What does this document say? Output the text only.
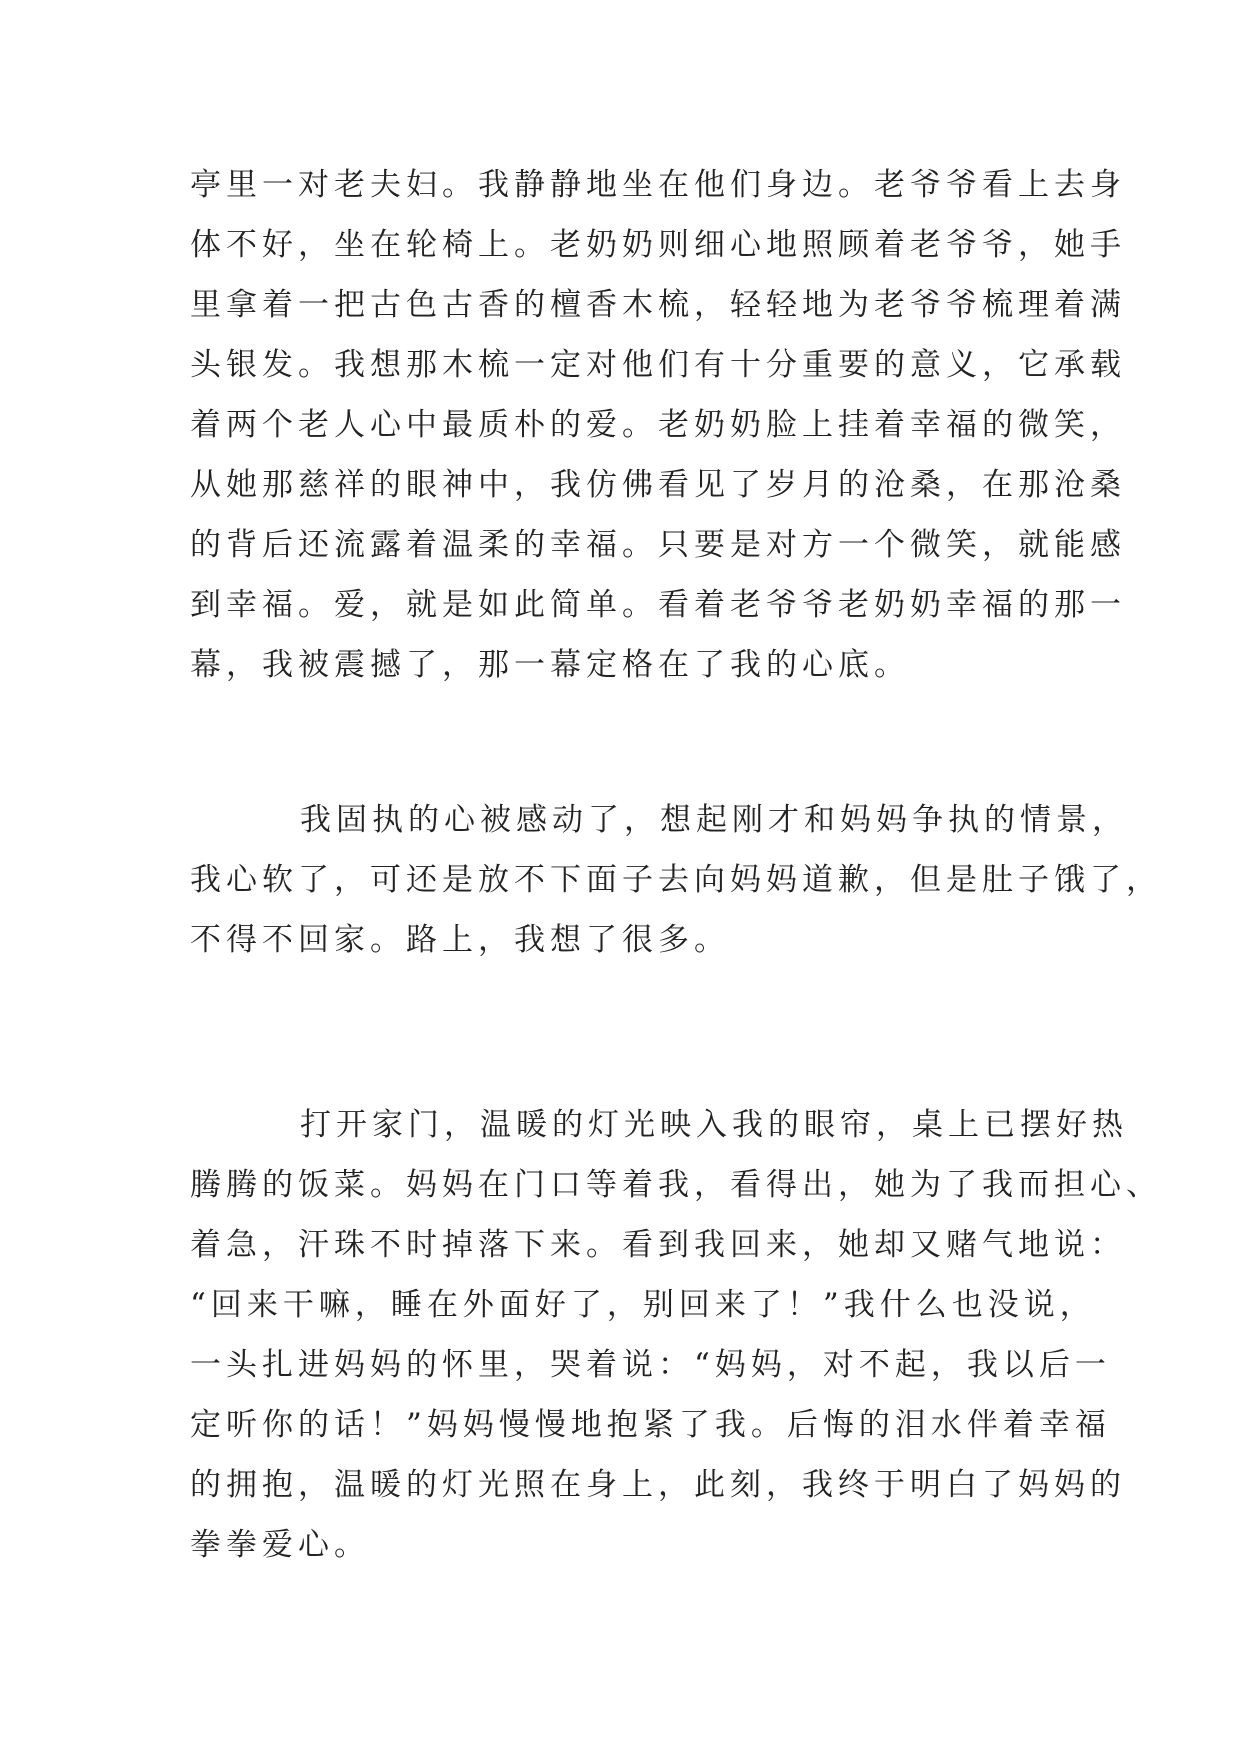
亭里一对老夫妇。我静静地坐在他们身边。老爷爷看上去身
体不好，坐在轮椅上。老奶奶则细心地照顾着老爷爷，她手
里拿着一把古色古香的檀香木梳，轻轻地为老爷爷梳理着满
头银发。我想那木梳一定对他们有十分重要的意义，它承载
着两个老人心中最质朴的爱。老奶奶脸上挂着幸福的微笑，
从她那慈祥的眼神中，我仿佛看见了岁月的沧桑，在那沧桑
的背后还流露着温柔的幸福。只要是对方一个微笑，就能感
到幸福。爱，就是如此简单。看着老爷爷老奶奶幸福的那一
幕，我被震撼了，那一幕定格在了我的心底。
我固执的心被感动了，想起刚才和妈妈争执的情景，
我心软了，可还是放不下面子去向妈妈道歉，但是肚子饿了，
不得不回家。路上，我想了很多。
打开家门，温暖的灯光映入我的眼帘，桌上已摆好热
腾腾的饭菜。妈妈在门口等着我，看得出，她为了我而担心、
着急，汗珠不时掉落下来。看到我回来，她却又赌气地说：
“回来干嘛，睡在外面好了，别回来了！”我什么也没说，
一头扎进妈妈的怀里，哭着说：“妈妈，对不起，我以后一
定听你的话！”妈妈慢慢地抱紧了我。后悔的泪水伴着幸福
的拥抱，温暖的灯光照在身上，此刻，我终于明白了妈妈的
拳拳爱心。
